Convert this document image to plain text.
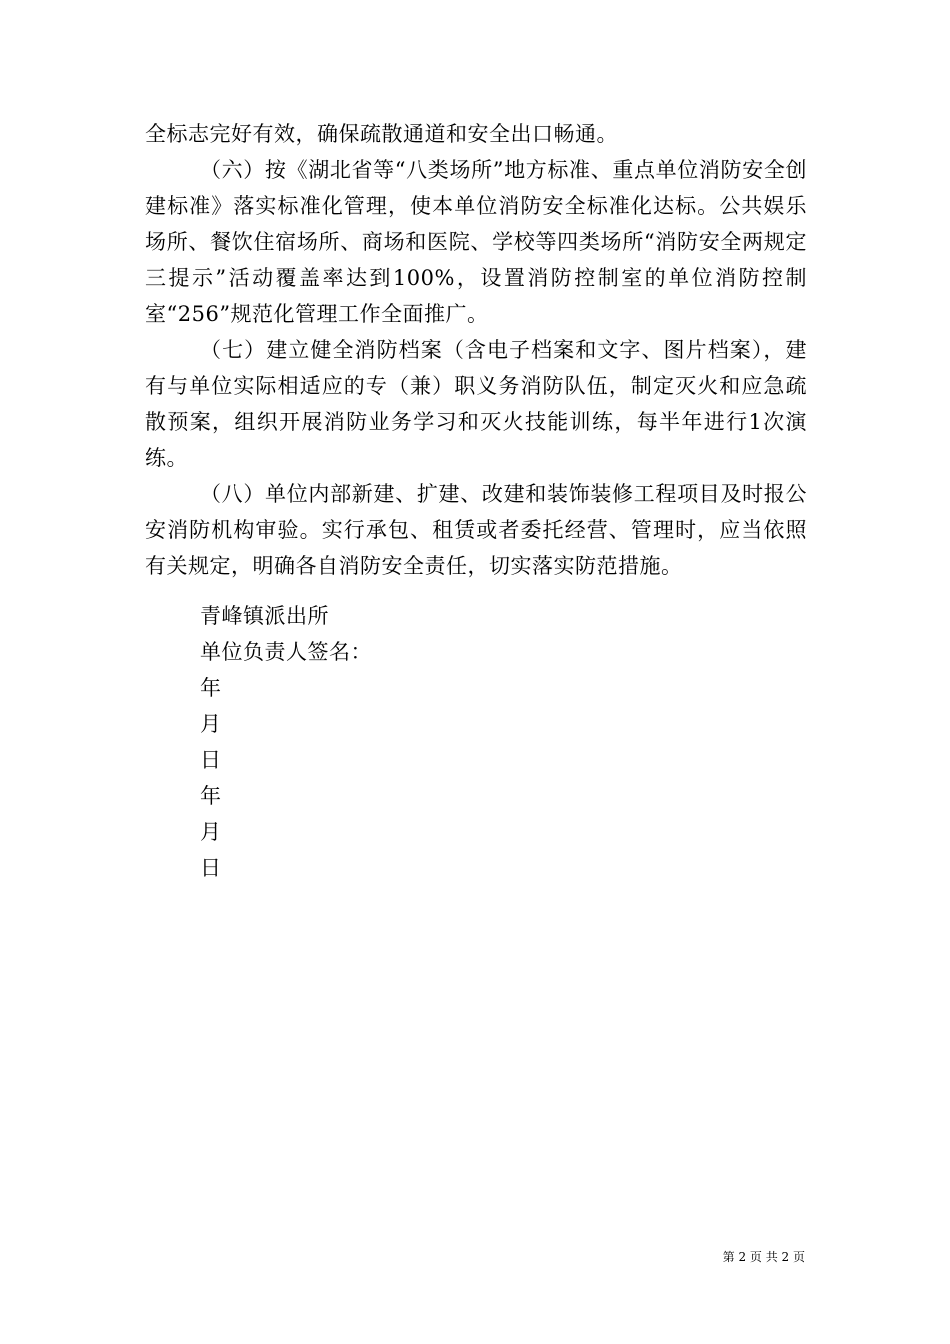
全标志完好有效，确保疏散通道和安全出口畅通。

（六）按《湖北省等“八类场所”地方标准、重点单位消防安全创建标准》落实标准化管理，使本单位消防安全标准化达标。公共娱乐场所、餐饮住宿场所、商场和医院、学校等四类场所“消防安全两规定三提示”活动覆盖率达到100%，设置消防控制室的单位消防控制室“256”规范化管理工作全面推广。

（七）建立健全消防档案（含电子档案和文字、图片档案），建有与单位实际相适应的专（兼）职义务消防队伍，制定灭火和应急疏散预案，组织开展消防业务学习和灭火技能训练，每半年进行1次演练。

（八）单位内部新建、扩建、改建和装饰装修工程项目及时报公安消防机构审验。实行承包、租赁或者委托经营、管理时，应当依照有关规定，明确各自消防安全责任，切实落实防范措施。

青峰镇派出所
单位负责人签名：
年
月
日
年
月
日
第 2 页 共 2 页
